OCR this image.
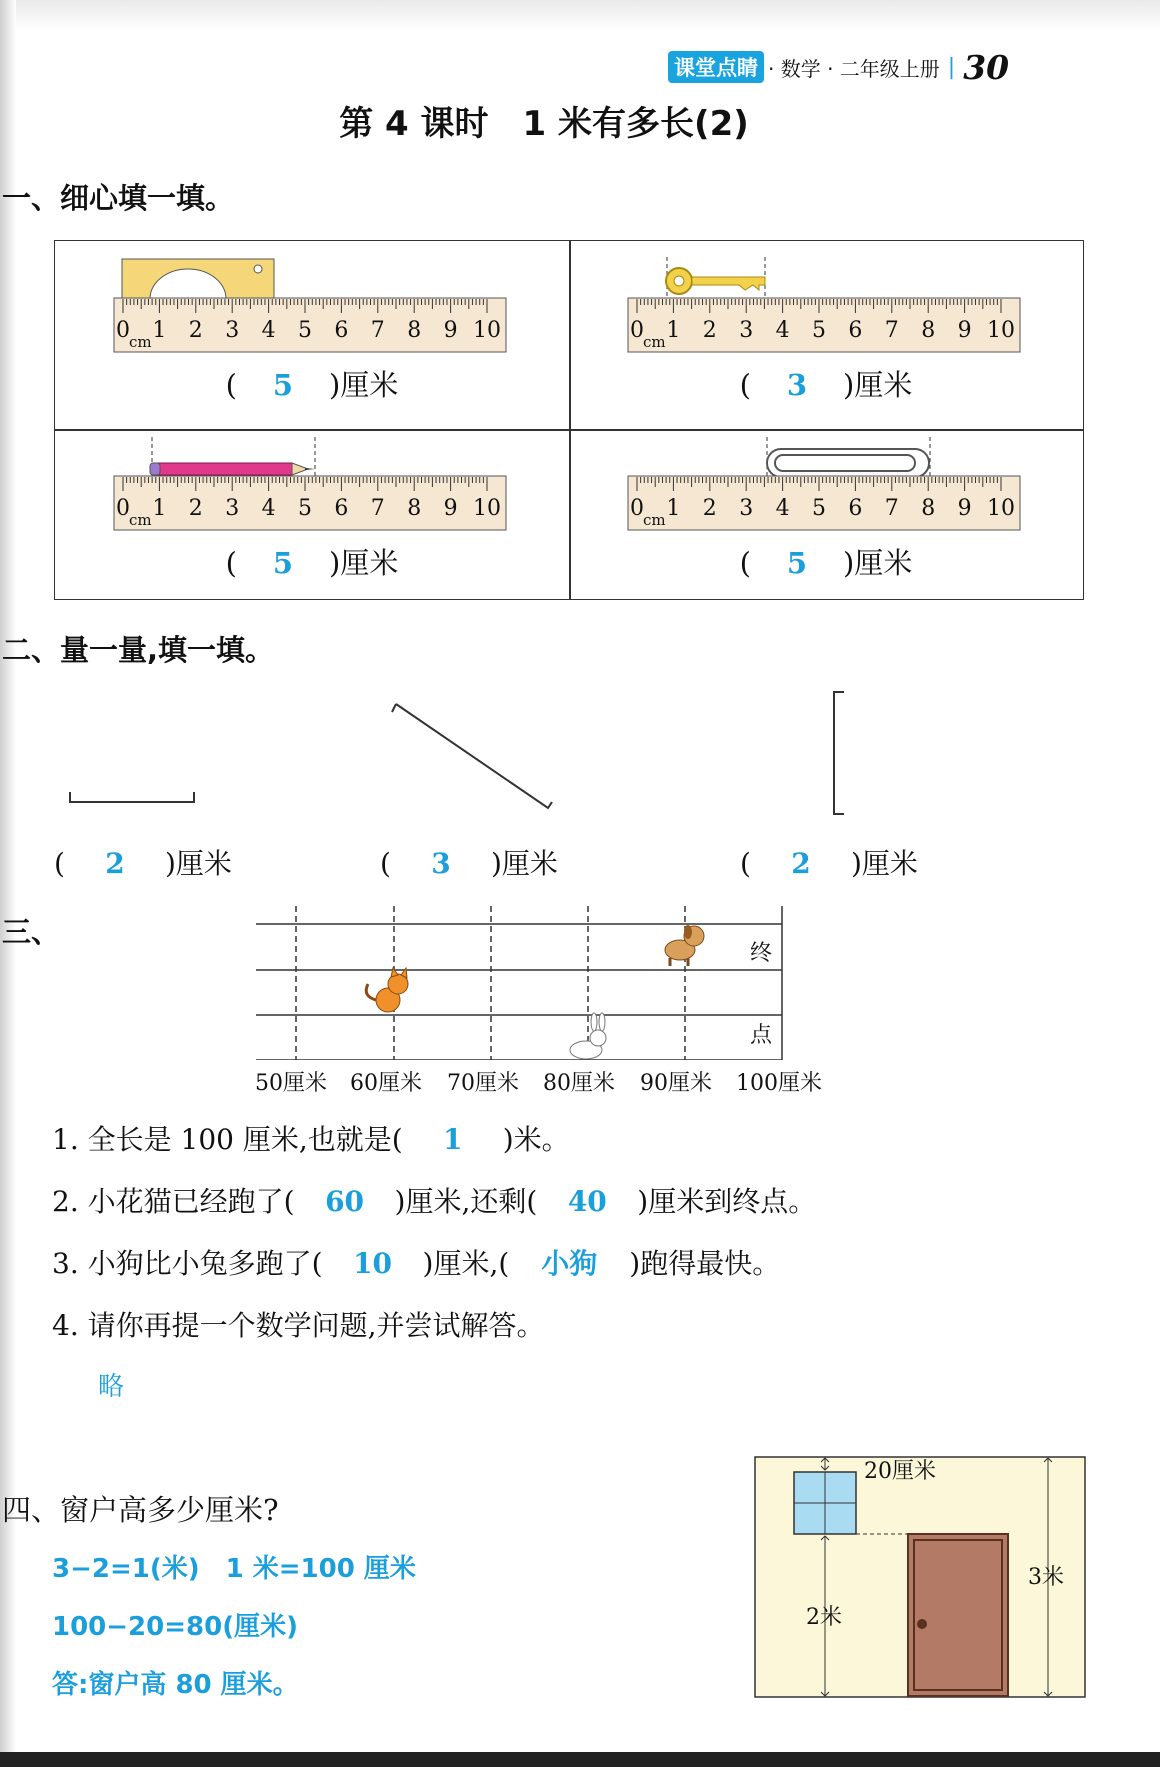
课堂点睛 · 数学 · 二年级上册 | 30
第 4 课时　1 米有多长(2)
一、细心填一填。
0 1 2 3 4 5 6 7 8 9 10
cm
( 5 )厘米
0 1 2 3 4 5 6 7 8 9 10
cm
( 3 )厘米
0 1 2 3 4 5 6 7 8 9 10
cm
( 5 )厘米
0 1 2 3 4 5 6 7 8 9 10
cm
( 5 )厘米
二、量一量,填一填。
( 2 )厘米	( 3 )厘米	( 2 )厘米
三、
终
点
50厘米 60厘米 70厘米 80厘米 90厘米 100厘米
1. 全长是 100 厘米,也就是( 1 )米。
2. 小花猫已经跑了( 60 )厘米,还剩( 40 )厘米到终点。
3. 小狗比小兔多跑了( 10 )厘米,( 小狗 )跑得最快。
4. 请你再提一个数学问题,并尝试解答。
略
四、窗户高多少厘米?
3−2=1(米)　1 米=100 厘米
100−20=80(厘米)
答:窗户高 80 厘米。
20厘米
2米
3米
